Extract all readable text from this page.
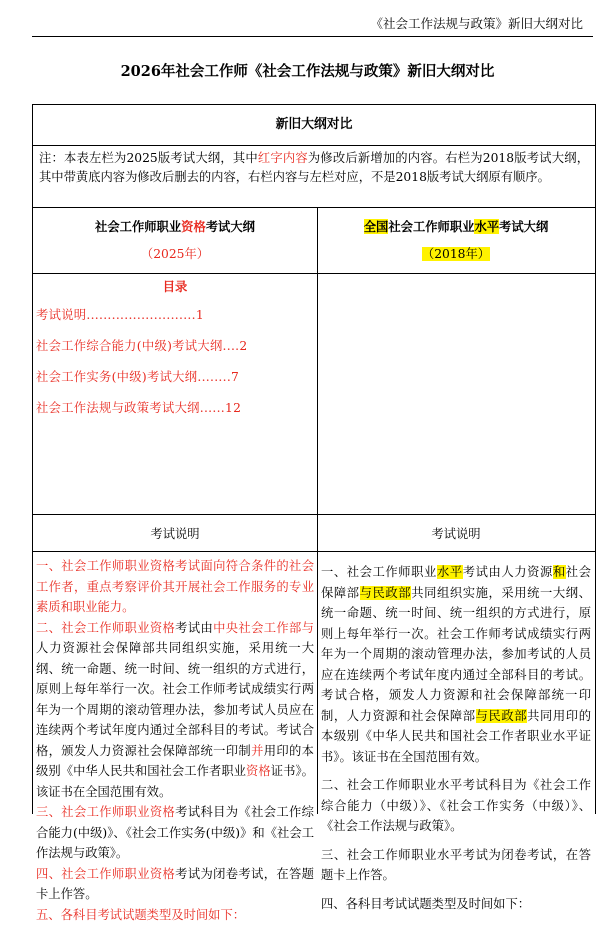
《社会工作法规与政策》新旧大纲对比
2026年社会工作师《社会工作法规与政策》新旧大纲对比
新旧大纲对比
注：本表左栏为2025版考试大纲，其中红字内容为修改后新增加的内容。右栏为2018版考试大纲，其中带黄底内容为修改后删去的内容，右栏内容与左栏对应，不是2018版考试大纲原有顺序。
社会工作师职业资格考试大纲
（2025年）
全国社会工作师职业水平考试大纲
（2018年）
目录
考试说明..........................1
社会工作综合能力(中级)考试大纲....2
社会工作实务(中级)考试大纲........7
社会工作法规与政策考试大纲......12
考试说明	考试说明
一、社会工作师职业资格考试面向符合条件的社会工作者，重点考察评价其开展社会工作服务的专业素质和职业能力。
二、社会工作师职业资格考试由中央社会工作部与人力资源社会保障部共同组织实施，采用统一大纲、统一命题、统一时间、统一组织的方式进行，原则上每年举行一次。社会工作师考试成绩实行两年为一个周期的滚动管理办法，参加考试人员应在连续两个考试年度内通过全部科目的考试。考试合格，颁发人力资源社会保障部统一印制并用印的本级别《中华人民共和国社会工作者职业资格证书》。该证书在全国范围有效。
三、社会工作师职业资格考试科目为《社会工作综合能力(中级)》、《社会工作实务(中级)》和《社会工作法规与政策》。
四、社会工作师职业资格考试为闭卷考试，在答题卡上作答。
五、各科目考试试题类型及时间如下：
一、社会工作师职业水平考试由人力资源和社会保障部与民政部共同组织实施，采用统一大纲、统一命题、统一时间、统一组织的方式进行，原则上每年举行一次。社会工作师考试成绩实行两年为一个周期的滚动管理办法，参加考试的人员应在连续两个考试年度内通过全部科目的考试。考试合格，颁发人力资源和社会保障部统一印制，人力资源和社会保障部与民政部共同用印的本级别《中华人民共和国社会工作者职业水平证书》。该证书在全国范围有效。
二、社会工作师职业水平考试科目为《社会工作综合能力（中级）》、《社会工作实务（中级）》、《社会工作法规与政策》。
三、社会工作师职业水平考试为闭卷考试，在答题卡上作答。
四、各科目考试试题类型及时间如下：
